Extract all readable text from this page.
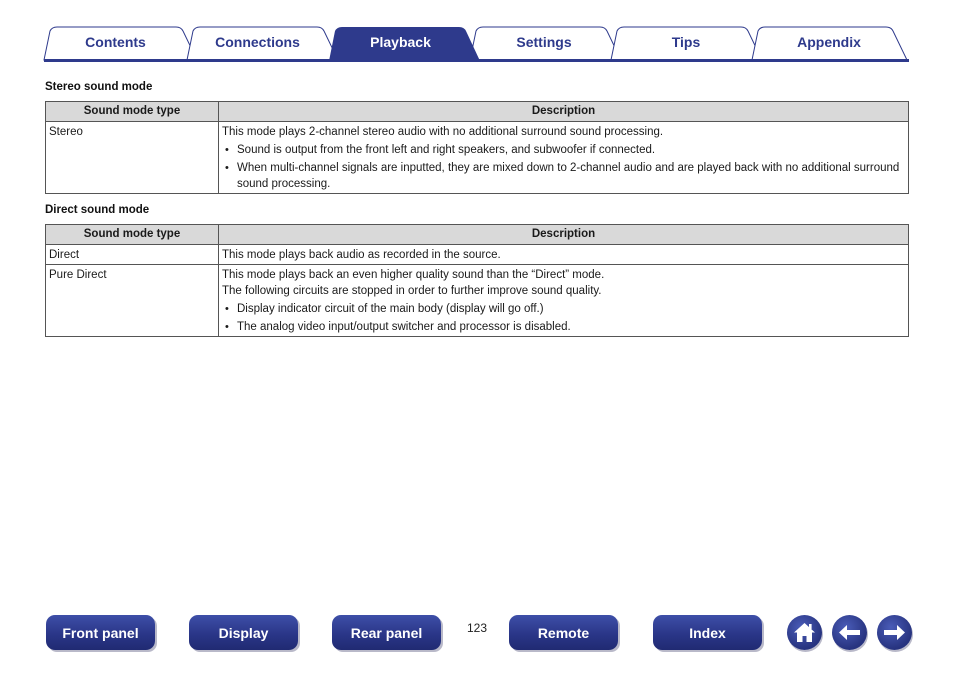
Contents	Connections	Playback	Settings	Tips	Appendix
Stereo sound mode
Sound mode type	Description
Stereo	This mode plays 2-channel stereo audio with no additional surround sound processing.
• Sound is output from the front left and right speakers, and subwoofer if connected.
• When multi-channel signals are inputted, they are mixed down to 2-channel audio and are played back with no additional surround sound processing.
Direct sound mode
Sound mode type	Description
Direct	This mode plays back audio as recorded in the source.

Pure Direct	This mode plays back an even higher quality sound than the “Direct” mode.
The following circuits are stopped in order to further improve sound quality.
• Display indicator circuit of the main body (display will go off.)
• The analog video input/output switcher and processor is disabled.
Front panel	Display	Rear panel	123	Remote	Index
